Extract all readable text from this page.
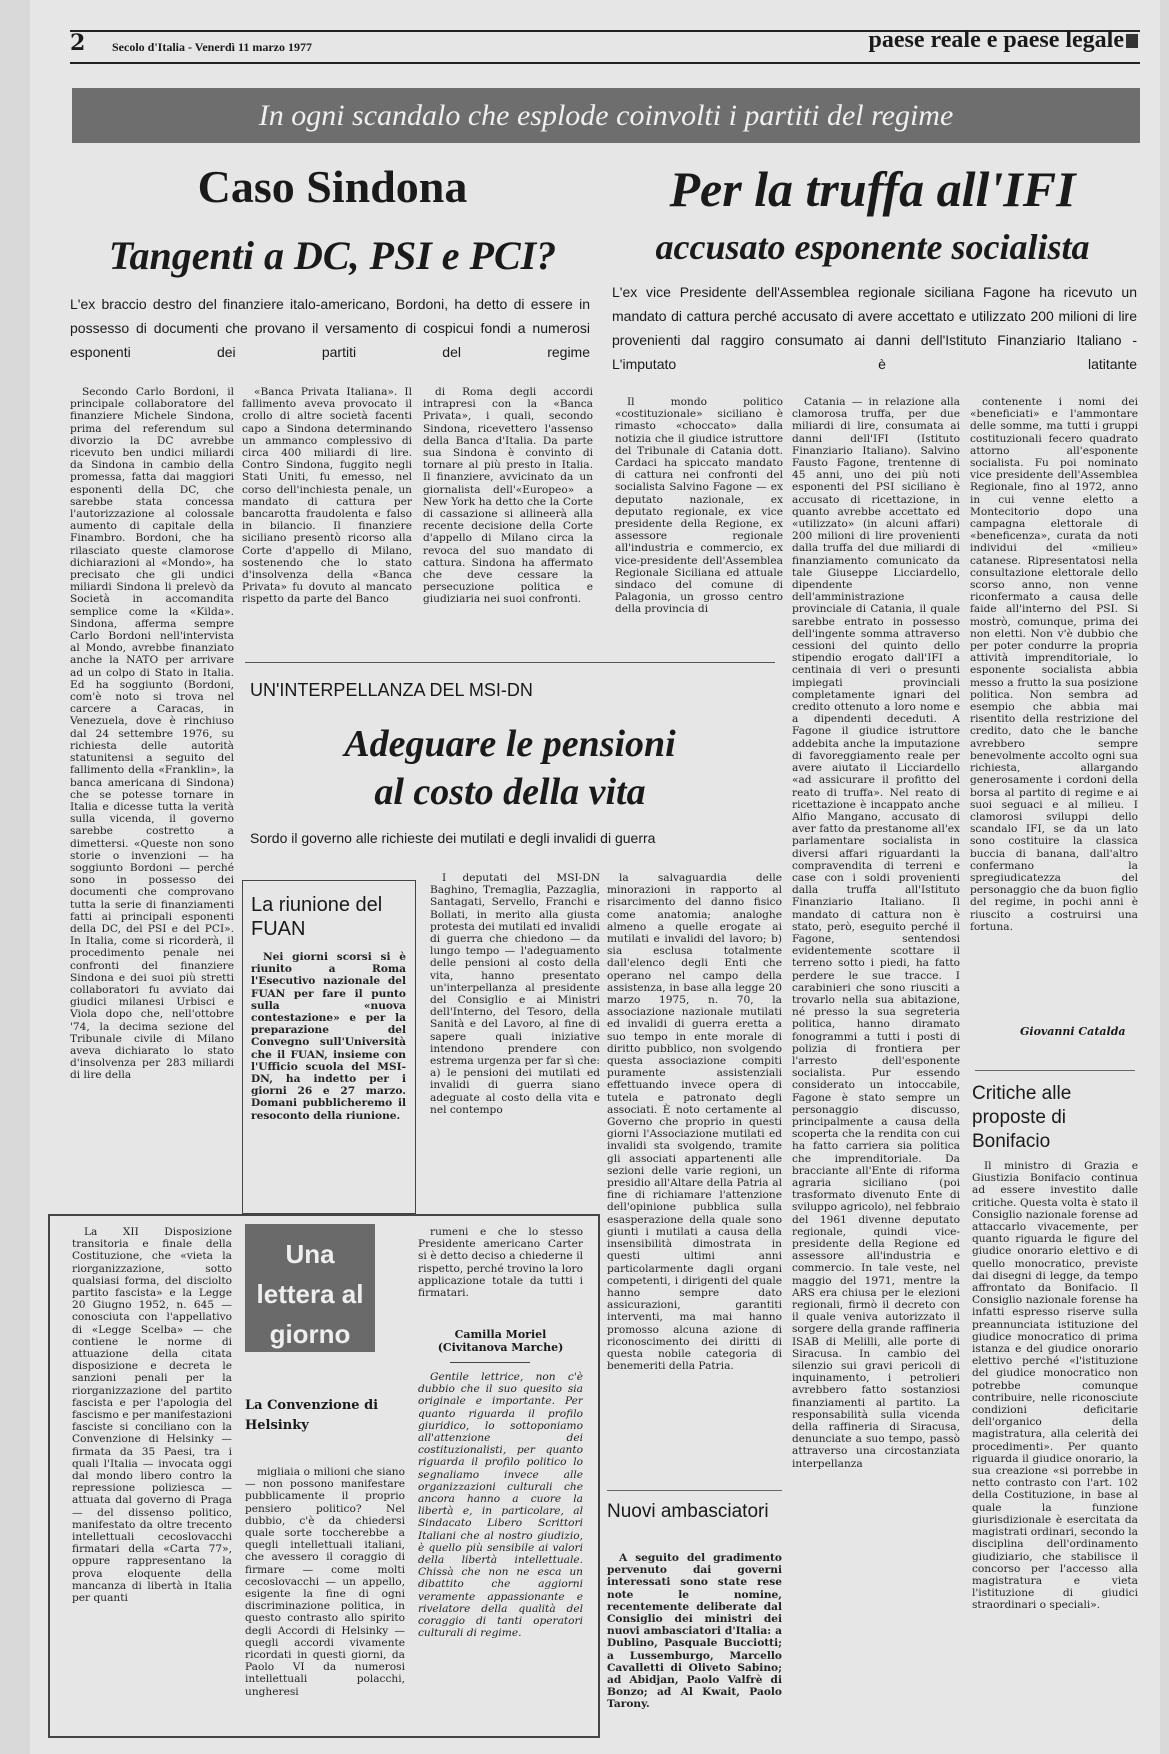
2 Secolo d'Italia - Venerdì 11 marzo 1977	paese reale e paese legale
In ogni scandalo che esplode coinvolti i partiti del regime
Caso Sindona
Tangenti a DC, PSI e PCI?
L'ex braccio destro del finanziere italo-americano, Bordoni, ha detto di essere in possesso di documenti che provano il versamento di cospicui fondi a numerosi esponenti dei partiti del regime
Per la truffa all'IFI
accusato esponente socialista
L'ex vice Presidente dell'Assemblea regionale siciliana Fagone ha ricevuto un mandato di cattura perché accusato di avere accettato e utilizzato 200 milioni di lire provenienti dal raggiro consumato ai danni dell'Istituto Finanziario Italiano - L'imputato è latitante

Secondo Carlo Bordoni, il principale collaboratore del finanziere Michele Sindona, prima del referendum sul divorzio la DC avrebbe ricevuto ben undici miliardi da Sindona in cambio della promessa, fatta dai maggiori esponenti della DC, che sarebbe stata concessa l'autorizzazione al colossale aumento di capitale della Finambro. Bordoni, che ha rilasciato queste clamorose dichiarazioni al «Mondo», ha precisato che gli undici miliardi Sindona li prelevò da Società in accomandita semplice come la «Kilda». Sindona, afferma sempre Carlo Bordoni nell'intervista al Mondo, avrebbe finanziato anche la NATO per arrivare ad un colpo di Stato in Italia. Ed ha soggiunto (Bordoni, com'è noto si trova nel carcere a Caracas, in Venezuela, dove è rinchiuso dal 24 settembre 1976, su richiesta delle autorità statunitensi a seguito del fallimento della «Franklin», la banca americana di Sindona) che se potesse tornare in Italia e dicesse tutta la verità sulla vicenda, il governo sarebbe costretto a dimettersi. «Queste non sono storie o invenzioni — ha soggiunto Bordoni — perché sono in possesso dei documenti che comprovano tutta la serie di finanziamenti fatti ai principali esponenti della DC, del PSI e del PCI». In Italia, come si ricorderà, il procedimento penale nei confronti del finanziere Sindona e dei suoi più stretti collaboratori fu avviato dai giudici milanesi Urbisci e Viola dopo che, nell'ottobre '74, la decima sezione del Tribunale civile di Milano aveva dichiarato lo stato d'insolvenza per 283 miliardi di lire della

«Banca Privata Italiana». Il fallimento aveva provocato il crollo di altre società facenti capo a Sindona determinando un ammanco complessivo di circa 400 miliardi di lire. Contro Sindona, fuggito negli Stati Uniti, fu emesso, nel corso dell'inchiesta penale, un mandato di cattura per bancarotta fraudolenta e falso in bilancio. Il finanziere siciliano presentò ricorso alla Corte d'appello di Milano, sostenendo che lo stato d'insolvenza della «Banca Privata» fu dovuto al mancato rispetto da parte del Banco

di Roma degli accordi intrapresi con la «Banca Privata», i quali, secondo Sindona, ricevettero l'assenso della Banca d'Italia. Da parte sua Sindona è convinto di tornare al più presto in Italia. Il finanziere, avvicinato da un giornalista dell'«Europeo» a New York ha detto che la Corte di cassazione si allineerà alla recente decisione della Corte d'appello di Milano circa la revoca del suo mandato di cattura. Sindona ha affermato che deve cessare la persecuzione politica e giudiziaria nei suoi confronti.

Il mondo politico «costituzionale» siciliano è rimasto «choccato» dalla notizia che il giudice istruttore del Tribunale di Catania dott. Cardaci ha spiccato mandato di cattura nei confronti del socialista Salvino Fagone — ex deputato nazionale, ex deputato regionale, ex vice presidente della Regione, ex assessore regionale all'industria e commercio, ex vice-presidente dell'Assemblea Regionale Siciliana ed attuale sindaco del comune di Palagonia, un grosso centro della provincia di

Catania — in relazione alla clamorosa truffa, per due miliardi di lire, consumata ai danni dell'IFI (Istituto Finanziario Italiano). Salvino Fausto Fagone, trentenne di 45 anni, uno dei più noti esponenti del PSI siciliano è accusato di ricettazione, in quanto avrebbe accettato ed «utilizzato» (in alcuni affari) 200 milioni di lire provenienti dalla truffa del due miliardi di finanziamento comunicato da tale Giuseppe Licciardello, dipendente dell'amministrazione provinciale di Catania, il quale sarebbe entrato in possesso dell'ingente somma attraverso cessioni del quinto dello stipendio erogato dall'IFI a centinaia di veri o presunti impiegati provinciali completamente ignari del credito ottenuto a loro nome e a dipendenti deceduti. A Fagone il giudice istruttore addebita anche la imputazione di favoreggiamento reale per avere aiutato il Licciardello «ad assicurare il profitto del reato di truffa». Nel reato di ricettazione è incappato anche Alfio Mangano, accusato di aver fatto da prestanome all'ex parlamentare socialista in diversi affari riguardanti la compravendita di terreni e case con i soldi provenienti dalla truffa all'Istituto Finanziario Italiano. Il mandato di cattura non è stato, però, eseguito perché il Fagone, sentendosi evidentemente scottare il terreno sotto i piedi, ha fatto perdere le sue tracce. I carabinieri che sono riusciti a trovarlo nella sua abitazione, né presso la sua segreteria politica, hanno diramato fonogrammi a tutti i posti di polizia di frontiera per l'arresto dell'esponente socialista. Pur essendo considerato un intoccabile, Fagone è stato sempre un personaggio discusso, principalmente a causa della scoperta che la rendita con cui ha fatto carriera sia politica che imprenditoriale. Da bracciante all'Ente di riforma agraria siciliano (poi trasformato divenuto Ente di sviluppo agricolo), nel febbraio del 1961 divenne deputato regionale, quindi vice-presidente della Regione ed assessore all'industria e commercio. In tale veste, nel maggio del 1971, mentre la ARS era chiusa per le elezioni regionali, firmò il decreto con il quale veniva autorizzato il sorgere della grande raffineria ISAB di Melilli, alle porte di Siracusa. In cambio del silenzio sui gravi pericoli di inquinamento, i petrolieri avrebbero fatto sostanziosi finanziamenti al partito. La responsabilità sulla vicenda della raffineria di Siracusa, denunciate a suo tempo, passò attraverso una circostanziata interpellanza

contenente i nomi dei «beneficiati» e l'ammontare delle somme, ma tutti i gruppi costituzionali fecero quadrato attorno all'esponente socialista. Fu poi nominato vice presidente dell'Assemblea Regionale, fino al 1972, anno in cui venne eletto a Montecitorio dopo una campagna elettorale di «beneficenza», curata da noti individui del «milieu» catanese. Ripresentatosi nella consultazione elettorale dello scorso anno, non venne riconfermato a causa delle faide all'interno del PSI. Si mostrò, comunque, prima dei non eletti. Non v'è dubbio che per poter condurre la propria attività imprenditoriale, lo esponente socialista abbia messo a frutto la sua posizione politica. Non sembra ad esempio che abbia mai risentito della restrizione del credito, dato che le banche avrebbero sempre benevolmente accolto ogni sua richiesta, allargando generosamente i cordoni della borsa al partito di regime e ai suoi seguaci e al milieu. I clamorosi sviluppi dello scandalo IFI, se da un lato sono costituire la classica buccia di banana, dall'altro confermano la spregiudicatezza del personaggio che da buon figlio del regime, in pochi anni è riuscito a costruirsi una fortuna.

Giovanni Catalda
UN'INTERPELLANZA DEL MSI-DN
Adeguare le pensioni
al costo della vita
Sordo il governo alle richieste dei mutilati e degli invalidi di guerra

I deputati del MSI-DN Baghino, Tremaglia, Pazzaglia, Santagati, Servello, Franchi e Bollati, in merito alla giusta protesta dei mutilati ed invalidi di guerra che chiedono — da lungo tempo — l'adeguamento delle pensioni al costo della vita, hanno presentato un'interpellanza al presidente del Consiglio e ai Ministri dell'Interno, del Tesoro, della Sanità e del Lavoro, al fine di sapere quali iniziative intendono prendere con estrema urgenza per far sì che: a) le pensioni dei mutilati ed invalidi di guerra siano adeguate al costo della vita e nel contempo

la salvaguardia delle minorazioni in rapporto al risarcimento del danno fisico come anatomia; analoghe almeno a quelle erogate ai mutilati e invalidi del lavoro; b) sia esclusa totalmente dall'elenco degli Enti che operano nel campo della assistenza, in base alla legge 20 marzo 1975, n. 70, la associazione nazionale mutilati ed invalidi di guerra eretta a suo tempo in ente morale di diritto pubblico, non svolgendo questa associazione compiti puramente assistenziali effettuando invece opera di tutela e patronato degli associati. È noto certamente al Governo che proprio in questi giorni l'Associazione mutilati ed invalidi sta svolgendo, tramite gli associati appartenenti alle sezioni delle varie regioni, un presidio all'Altare della Patria al fine di richiamare l'attenzione dell'opinione pubblica sulla esasperazione della quale sono giunti i mutilati a causa della insensibilità dimostrata in questi ultimi anni particolarmente dagli organi competenti, i dirigenti del quale hanno sempre dato assicurazioni, garantiti interventi, ma mai hanno promosso alcuna azione di riconoscimento dei diritti di questa nobile categoria di benemeriti della Patria.

La riunione del FUAN

Nei giorni scorsi si è riunito a Roma l'Esecutivo nazionale del FUAN per fare il punto sulla «nuova contestazione» e per la preparazione del Convegno sull'Università che il FUAN, insieme con l'Ufficio scuola del MSI-DN, ha indetto per i giorni 26 e 27 marzo. Domani pubblicheremo il resoconto della riunione.

La XII Disposizione transitoria e finale della Costituzione, che «vieta la riorganizzazione, sotto qualsiasi forma, del disciolto partito fascista» e la Legge 20 Giugno 1952, n. 645 — conosciuta con l'appellativo di «Legge Scelba» — che contiene le norme di attuazione della citata disposizione e decreta le sanzioni penali per la riorganizzazione del partito fascista e per l'apologia del fascismo e per manifestazioni fasciste si conciliano con la Convenzione di Helsinky — firmata da 35 Paesi, tra i quali l'Italia — invocata oggi dal mondo libero contro la repressione poliziesca — attuata dal governo di Praga — del dissenso politico, manifestato da oltre trecento intellettuali cecoslovacchi firmatari della «Carta 77», oppure rappresentano la prova eloquente della mancanza di libertà in Italia per quanti

Una lettera al giorno
La Convenzione di Helsinky

migliaia o milioni che siano — non possono manifestare pubblicamente il proprio pensiero politico? Nel dubbio, c'è da chiedersi quale sorte toccherebbe a quegli intellettuali italiani, che avessero il coraggio di firmare — come molti cecoslovacchi — un appello, esigente la fine di ogni discriminazione politica, in questo contrasto allo spirito degli Accordi di Helsinky — quegli accordi vivamente ricordati in questi giorni, da Paolo VI da numerosi intellettuali polacchi, ungheresi

rumeni e che lo stesso Presidente americano Carter si è detto deciso a chiederne il rispetto, perché trovino la loro applicazione totale da tutti i firmatari.

Camilla Moriel
(Civitanova Marche)

Gentile lettrice, non c'è dubbio che il suo quesito sia originale e importante. Per quanto riguarda il profilo giuridico, lo sottoponiamo all'attenzione dei costituzionalisti, per quanto riguarda il profilo politico lo segnaliamo invece alle organizzazioni culturali che ancora hanno a cuore la libertà e, in particolare, al Sindacato Libero Scrittori Italiani che al nostro giudizio, è quello più sensibile ai valori della libertà intellettuale. Chissà che non ne esca un dibattito che aggiorni veramente appassionante e rivelatore della qualità del coraggio di tanti operatori culturali di regime.

Critiche alle proposte di Bonifacio

Il ministro di Grazia e Giustizia Bonifacio continua ad essere investito dalle critiche. Questa volta è stato il Consiglio nazionale forense ad attaccarlo vivacemente, per quanto riguarda le figure del giudice onorario elettivo e di quello monocratico, previste dai disegni di legge, da tempo affrontato da Bonifacio. Il Consiglio nazionale forense ha infatti espresso riserve sulla preannunciata istituzione del giudice monocratico di prima istanza e del giudice onorario elettivo perché «l'istituzione del giudice monocratico non potrebbe comunque contribuire, nelle riconosciute condizioni deficitarie dell'organico della magistratura, alla celerità dei procedimenti». Per quanto riguarda il giudice onorario, la sua creazione «si porrebbe in netto contrasto con l'art. 102 della Costituzione, in base al quale la funzione giurisdizionale è esercitata da magistrati ordinari, secondo la disciplina dell'ordinamento giudiziario, che stabilisce il concorso per l'accesso alla magistratura e vieta l'istituzione di giudici straordinari o speciali».

Nuovi ambasciatori

A seguito del gradimento pervenuto dai governi interessati sono state rese note le nomine, recentemente deliberate dal Consiglio dei ministri dei nuovi ambasciatori d'Italia: a Dublino, Pasquale Bucciotti; a Lussemburgo, Marcello Cavalletti di Oliveto Sabino; ad Abidjan, Paolo Valfrè di Bonzo; ad Al Kwait, Paolo Tarony.
